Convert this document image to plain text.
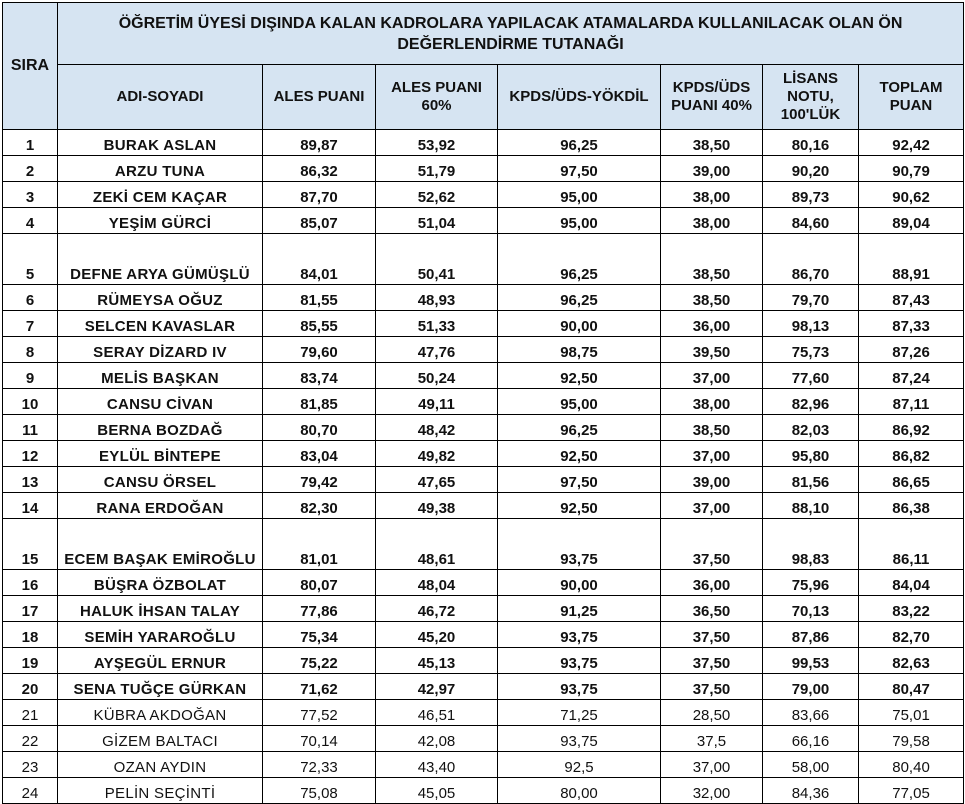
SIRA	ÖĞRETİM ÜYESİ DIŞINDA KALAN KADROLARA YAPILACAK ATAMALARDA KULLANILACAK OLAN ÖN DEĞERLENDİRME TUTANAĞI						
	ADI-SOYADI	ALES PUANI	ALES PUANI 60%	KPDS/ÜDS-YÖKDİL	KPDS/ÜDS PUANI 40%	LİSANS NOTU, 100'LÜK	TOPLAM PUAN
1	BURAK ASLAN	89,87	53,92	96,25	38,50	80,16	92,42
2	ARZU TUNA	86,32	51,79	97,50	39,00	90,20	90,79
3	ZEKİ CEM KAÇAR	87,70	52,62	95,00	38,00	89,73	90,62
4	YEŞİM GÜRCİ	85,07	51,04	95,00	38,00	84,60	89,04
5	DEFNE ARYA GÜMÜŞLÜ	84,01	50,41	96,25	38,50	86,70	88,91
6	RÜMEYSA OĞUZ	81,55	48,93	96,25	38,50	79,70	87,43
7	SELCEN KAVASLAR	85,55	51,33	90,00	36,00	98,13	87,33
8	SERAY DİZARD IV	79,60	47,76	98,75	39,50	75,73	87,26
9	MELİS BAŞKAN	83,74	50,24	92,50	37,00	77,60	87,24
10	CANSU CİVAN	81,85	49,11	95,00	38,00	82,96	87,11
11	BERNA BOZDAĞ	80,70	48,42	96,25	38,50	82,03	86,92
12	EYLÜL BİNTEPE	83,04	49,82	92,50	37,00	95,80	86,82
13	CANSU ÖRSEL	79,42	47,65	97,50	39,00	81,56	86,65
14	RANA ERDOĞAN	82,30	49,38	92,50	37,00	88,10	86,38
15	ECEM BAŞAK EMİROĞLU	81,01	48,61	93,75	37,50	98,83	86,11
16	BÜŞRA ÖZBOLAT	80,07	48,04	90,00	36,00	75,96	84,04
17	HALUK İHSAN TALAY	77,86	46,72	91,25	36,50	70,13	83,22
18	SEMİH YARAROĞLU	75,34	45,20	93,75	37,50	87,86	82,70
19	AYŞEGÜL ERNUR	75,22	45,13	93,75	37,50	99,53	82,63
20	SENA TUĞÇE GÜRKAN	71,62	42,97	93,75	37,50	79,00	80,47
21	KÜBRA AKDOĞAN	77,52	46,51	71,25	28,50	83,66	75,01
22	GİZEM BALTACI	70,14	42,08	93,75	37,5	66,16	79,58
23	OZAN AYDIN	72,33	43,40	92,5	37,00	58,00	80,40
24	PELİN SEÇİNTİ	75,08	45,05	80,00	32,00	84,36	77,05
